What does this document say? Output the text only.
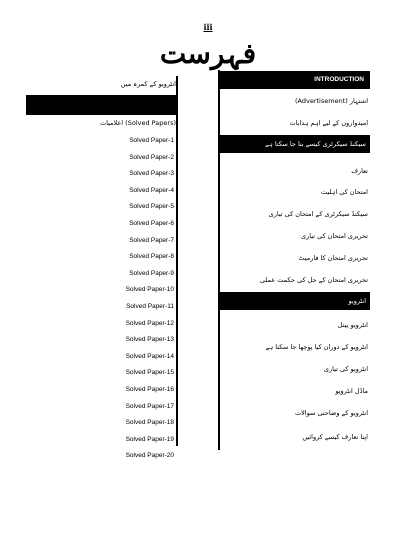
iii
فہرست
انٹرویو کے کمرہ میں
اعلامیات (Solved Papers)
Solved Paper-1
Solved Paper-2
Solved Paper-3
Solved Paper-4
Solved Paper-5
Solved Paper-6
Solved Paper-7
Solved Paper-8
Solved Paper-9
Solved Paper-10
Solved Paper-11
Solved Paper-12
Solved Paper-13
Solved Paper-14
Solved Paper-15
Solved Paper-16
Solved Paper-17
Solved Paper-18
Solved Paper-19
Solved Paper-20
INTRODUCTION
اشتہار (Advertisement)
امیدواروں کے لیے اہم ہدایات
سیکنڈ سیکرٹری کیسے بنا جا سکتا ہے
تعارف
امتحان کی اہلیت
سیکنڈ سیکرٹری کے امتحان کی تیاری
تحریری امتحان کی تیاری
تحریری امتحان کا فارمیٹ
تحریری امتحان کے حل کی حکمت عملی
انٹرویو
انٹرویو پینل
انٹرویو کے دوران کیا پوچھا جا سکتا ہے
انٹرویو کی تیاری
ماڈل انٹرویو
انٹرویو کے وضاحتی سوالات
اپنا تعارف کیسے کروائیں
